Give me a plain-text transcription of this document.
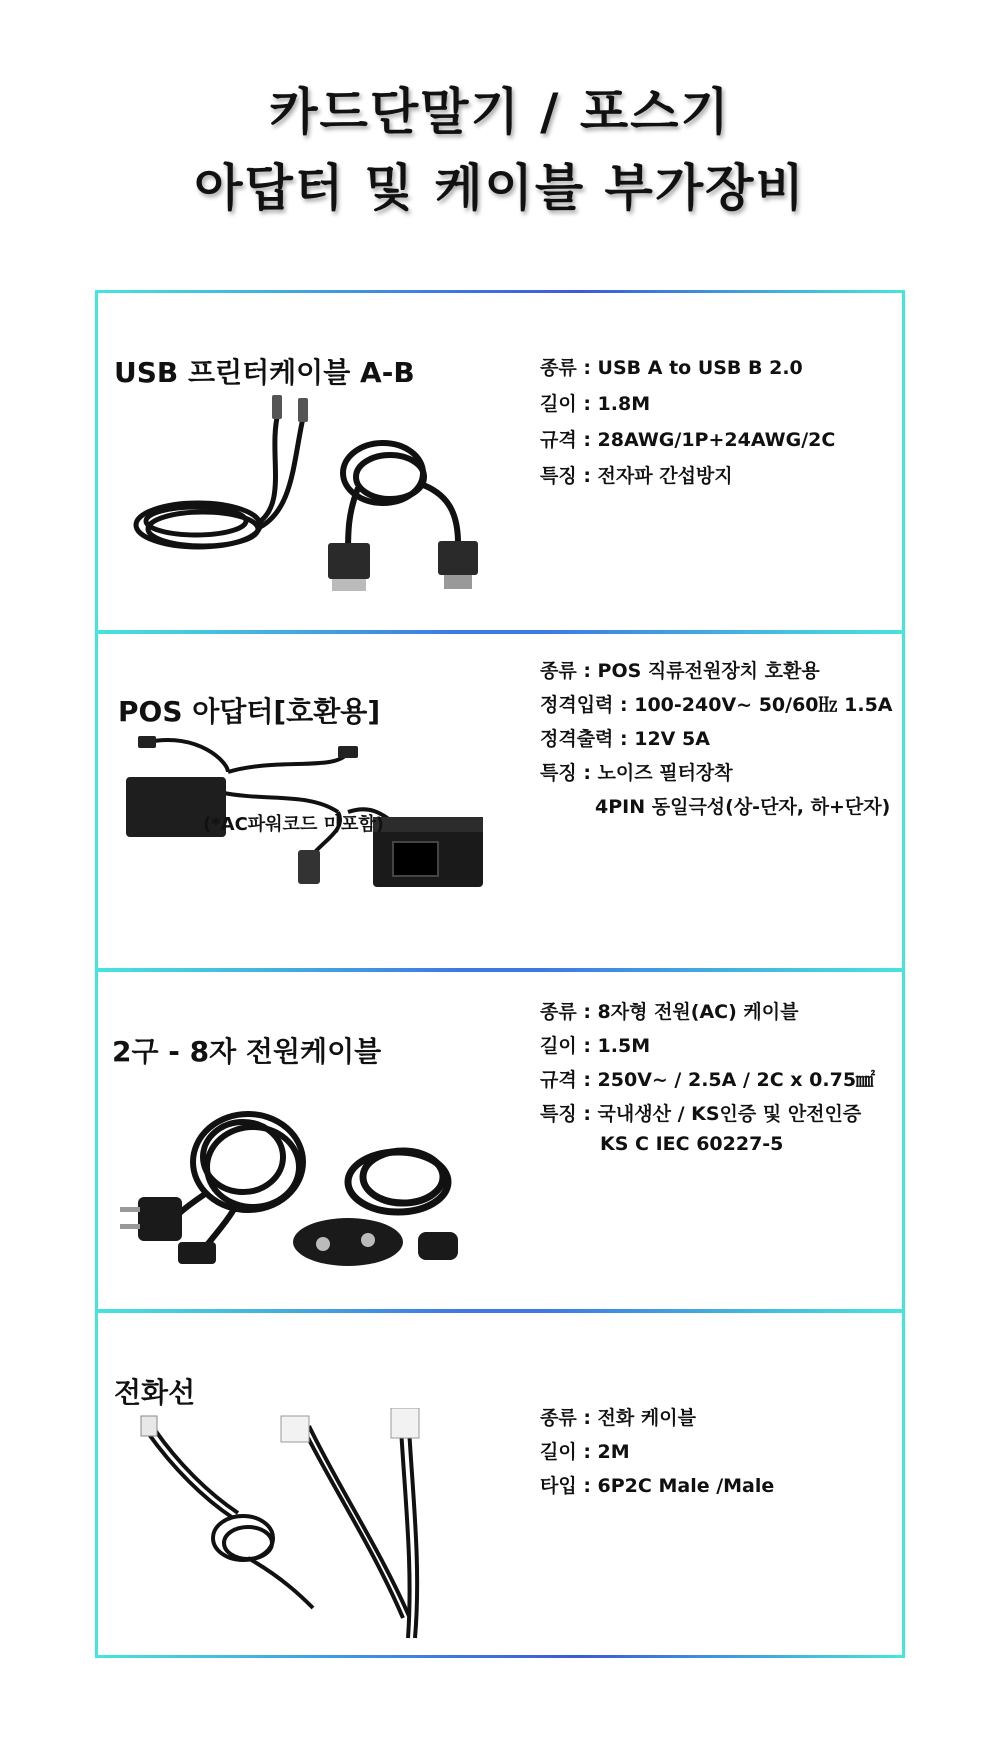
카드단말기 / 포스기
아답터 및 케이블 부가장비
USB 프린터케이블 A-B	종류 : USB A to USB B 2.0
길이 : 1.8M
규격 : 28AWG/1P+24AWG/2C
특징 : 전자파 간섭방지
POS 아답터[호환용]
(*AC파워코드 미포함)
종류 : POS 직류전원장치 호환용
정격입력 : 100-240V~ 50/60㎐ 1.5A
정격출력 : 12V 5A
특징 : 노이즈 필터장착
4PIN 동일극성(상-단자, 하+단자)
2구 - 8자 전원케이블
종류 : 8자형 전원(AC) 케이블
길이 : 1.5M
규격 : 250V~ / 2.5A / 2C x 0.75㎟
특징 : 국내생산 / KS인증 및 안전인증
KS C IEC 60227-5
전화선
종류 : 전화 케이블
길이 : 2M
타입 : 6P2C Male /Male
